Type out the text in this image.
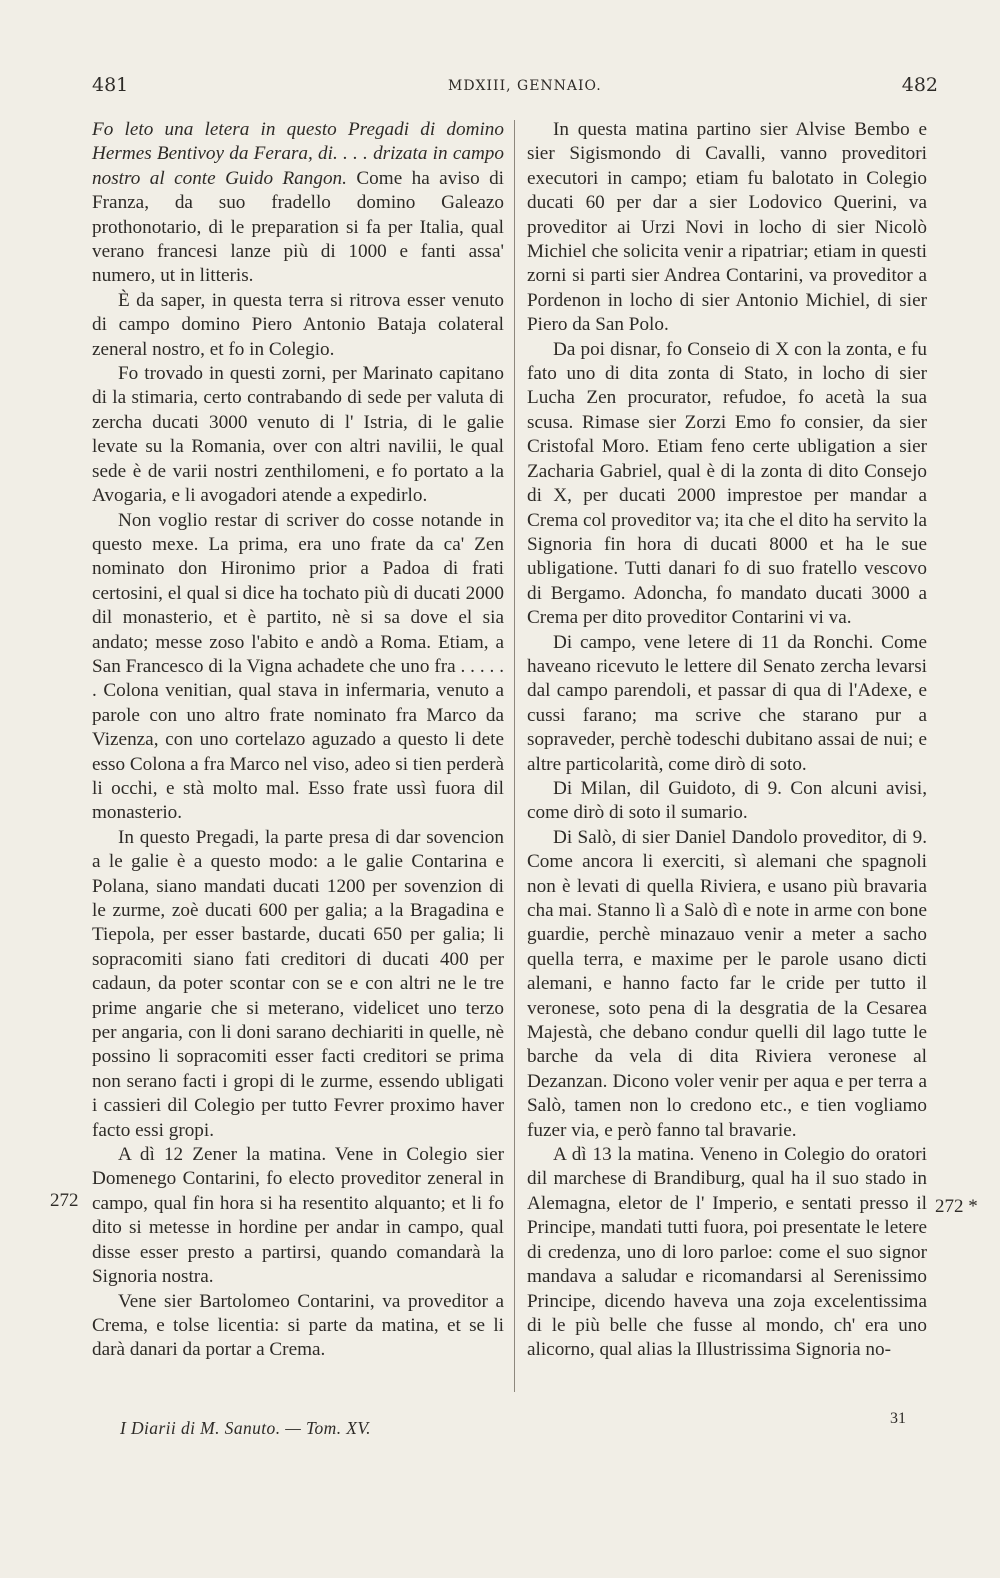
481	MDXIII, GENNAIO.	482

Fo leto una letera in questo Pregadi di domino Hermes Bentivoy da Ferara, di. . . . drizata in campo nostro al conte Guido Rangon. Come ha aviso di Franza, da suo fradello domino Galeazo prothonotario, di le preparation si fa per Italia, qual verano francesi lanze più di 1000 e fanti assa' numero, ut in litteris.

È da saper, in questa terra si ritrova esser venuto di campo domino Piero Antonio Bataja colateral zeneral nostro, et fo in Colegio.

Fo trovado in questi zorni, per Marinato capitano di la stimaria, certo contrabando di sede per valuta di zercha ducati 3000 venuto di l' Istria, di le galie levate su la Romania, over con altri navilii, le qual sede è de varii nostri zenthilomeni, e fo portato a la Avogaria, e li avogadori atende a expedirlo.

Non voglio restar di scriver do cosse notande in questo mexe. La prima, era uno frate da ca' Zen nominato don Hironimo prior a Padoa di frati certosini, el qual si dice ha tochato più di ducati 2000 dil monasterio, et è partito, nè si sa dove el sia andato; messe zoso l'abito e andò a Roma. Etiam, a San Francesco di la Vigna achadete che uno fra . . . . . . Colona venitian, qual stava in infermaria, venuto a parole con uno altro frate nominato fra Marco da Vizenza, con uno cortelazo aguzado a questo li dete esso Colona a fra Marco nel viso, adeo si tien perderà li occhi, e stà molto mal. Esso frate ussì fuora dil monasterio.

In questo Pregadi, la parte presa di dar sovencion a le galie è a questo modo: a le galie Contarina e Polana, siano mandati ducati 1200 per sovenzion di le zurme, zoè ducati 600 per galia; a la Bragadina e Tiepola, per esser bastarde, ducati 650 per galia; li sopracomiti siano fati creditori di ducati 400 per cadaun, da poter scontar con se e con altri ne le tre prime angarie che si meterano, videlicet uno terzo per angaria, con li doni sarano dechiariti in quelle, nè possino li sopracomiti esser facti creditori se prima non serano facti i gropi di le zurme, essendo ubligati i cassieri dil Colegio per tutto Fevrer proximo haver facto essi gropi.

A dì 12 Zener la matina. Vene in Colegio sier Domenego Contarini, fo electo proveditor zeneral in campo, qual fin hora si ha resentito alquanto; et li fo dito si metesse in hordine per andar in campo, qual disse esser presto a partirsi, quando comandarà la Signoria nostra.

Vene sier Bartolomeo Contarini, va proveditor a Crema, e tolse licentia: si parte da matina, et se li darà danari da portar a Crema.

In questa matina partino sier Alvise Bembo e sier Sigismondo di Cavalli, vanno proveditori executori in campo; etiam fu balotato in Colegio ducati 60 per dar a sier Lodovico Querini, va proveditor ai Urzi Novi in locho di sier Nicolò Michiel che solicita venir a ripatriar; etiam in questi zorni si parti sier Andrea Contarini, va proveditor a Pordenon in locho di sier Antonio Michiel, di sier Piero da San Polo.

Da poi disnar, fo Conseio di X con la zonta, e fu fato uno di dita zonta di Stato, in locho di sier Lucha Zen procurator, refudoe, fo acetà la sua scusa. Rimase sier Zorzi Emo fo consier, da sier Cristofal Moro. Etiam feno certe ubligation a sier Zacharia Gabriel, qual è di la zonta di dito Consejo di X, per ducati 2000 imprestoe per mandar a Crema col proveditor va; ita che el dito ha servito la Signoria fin hora di ducati 8000 et ha le sue ubligatione. Tutti danari fo di suo fratello vescovo di Bergamo. Adoncha, fo mandato ducati 3000 a Crema per dito proveditor Contarini vi va.

Di campo, vene letere di 11 da Ronchi. Come haveano ricevuto le lettere dil Senato zercha levarsi dal campo parendoli, et passar di qua di l'Adexe, e cussi farano; ma scrive che starano pur a sopraveder, perchè todeschi dubitano assai de nui; e altre particolarità, come dirò di soto.

Di Milan, dil Guidoto, di 9. Con alcuni avisi, come dirò di soto il sumario.

Di Salò, di sier Daniel Dandolo proveditor, di 9. Come ancora li exerciti, sì alemani che spagnoli non è levati di quella Riviera, e usano più bravaria cha mai. Stanno lì a Salò dì e note in arme con bone guardie, perchè minazauo venir a meter a sacho quella terra, e maxime per le parole usano dicti alemani, e hanno facto far le cride per tutto il veronese, soto pena di la desgratia de la Cesarea Majestà, che debano condur quelli dil lago tutte le barche da vela di dita Riviera veronese al Dezanzan. Dicono voler venir per aqua e per terra a Salò, tamen non lo credono etc., e tien vogliamo fuzer via, e però fanno tal bravarie.

A dì 13 la matina. Veneno in Colegio do oratori dil marchese di Brandiburg, qual ha il suo stado in Alemagna, eletor de l' Imperio, e sentati presso il Principe, mandati tutti fuora, poi presentate le letere di credenza, uno di loro parloe: come el suo signor mandava a saludar e ricomandarsi al Serenissimo Principe, dicendo haveva una zoja excelentissima di le più belle che fusse al mondo, ch' era uno alicorno, qual alias la Illustrissima Signoria no-

272	272 *
I Diarii di M. Sanuto. — Tom. XV.	31
